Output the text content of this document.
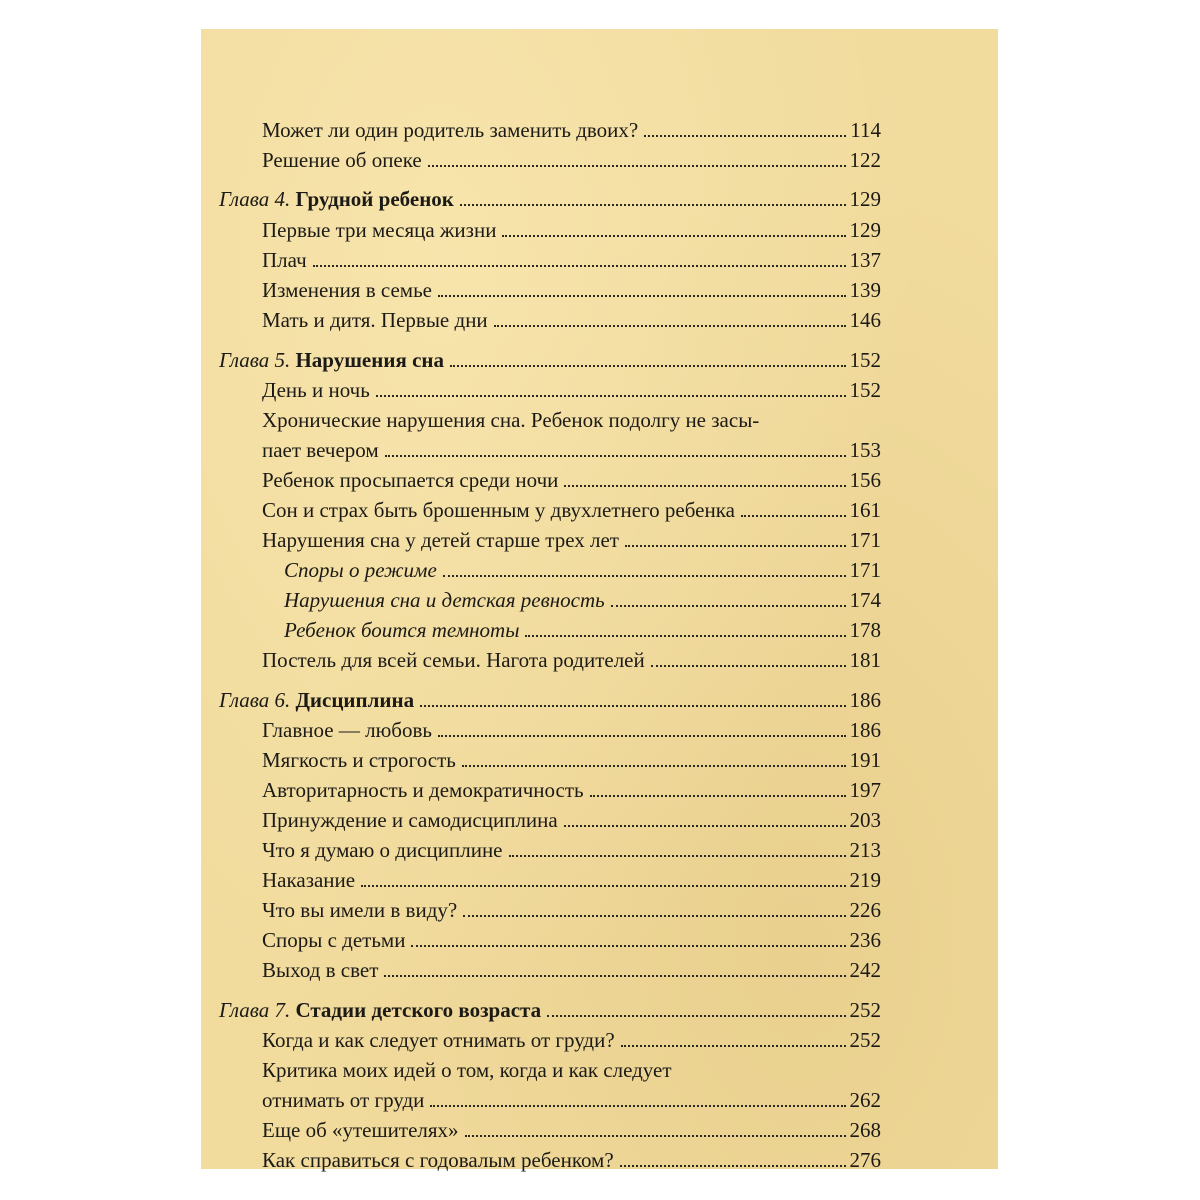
Может ли один родитель заменить двоих?	114
Решение об опеке	122
Глава 4. Грудной ребенок	129
Первые три месяца жизни	129
Плач	137
Изменения в семье	139
Мать и дитя. Первые дни	146
Глава 5. Нарушения сна	152
День и ночь	152
Хронические нарушения сна. Ребенок подолгу не засы-
пает вечером	153
Ребенок просыпается среди ночи	156
Сон и страх быть брошенным у двухлетнего ребенка	161
Нарушения сна у детей старше трех лет	171
Споры о режиме	171
Нарушения сна и детская ревность	174
Ребенок боится темноты	178
Постель для всей семьи. Нагота родителей	181
Глава 6. Дисциплина	186
Главное — любовь	186
Мягкость и строгость	191
Авторитарность и демократичность	197
Принуждение и самодисциплина	203
Что я думаю о дисциплине	213
Наказание	219
Что вы имели в виду?	226
Споры с детьми	236
Выход в свет	242
Глава 7. Стадии детского возраста	252
Когда и как следует отнимать от груди?	252
Критика моих идей о том, когда и как следует
отнимать от груди	262
Еще об «утешителях»	268
Как справиться с годовалым ребенком?	276
